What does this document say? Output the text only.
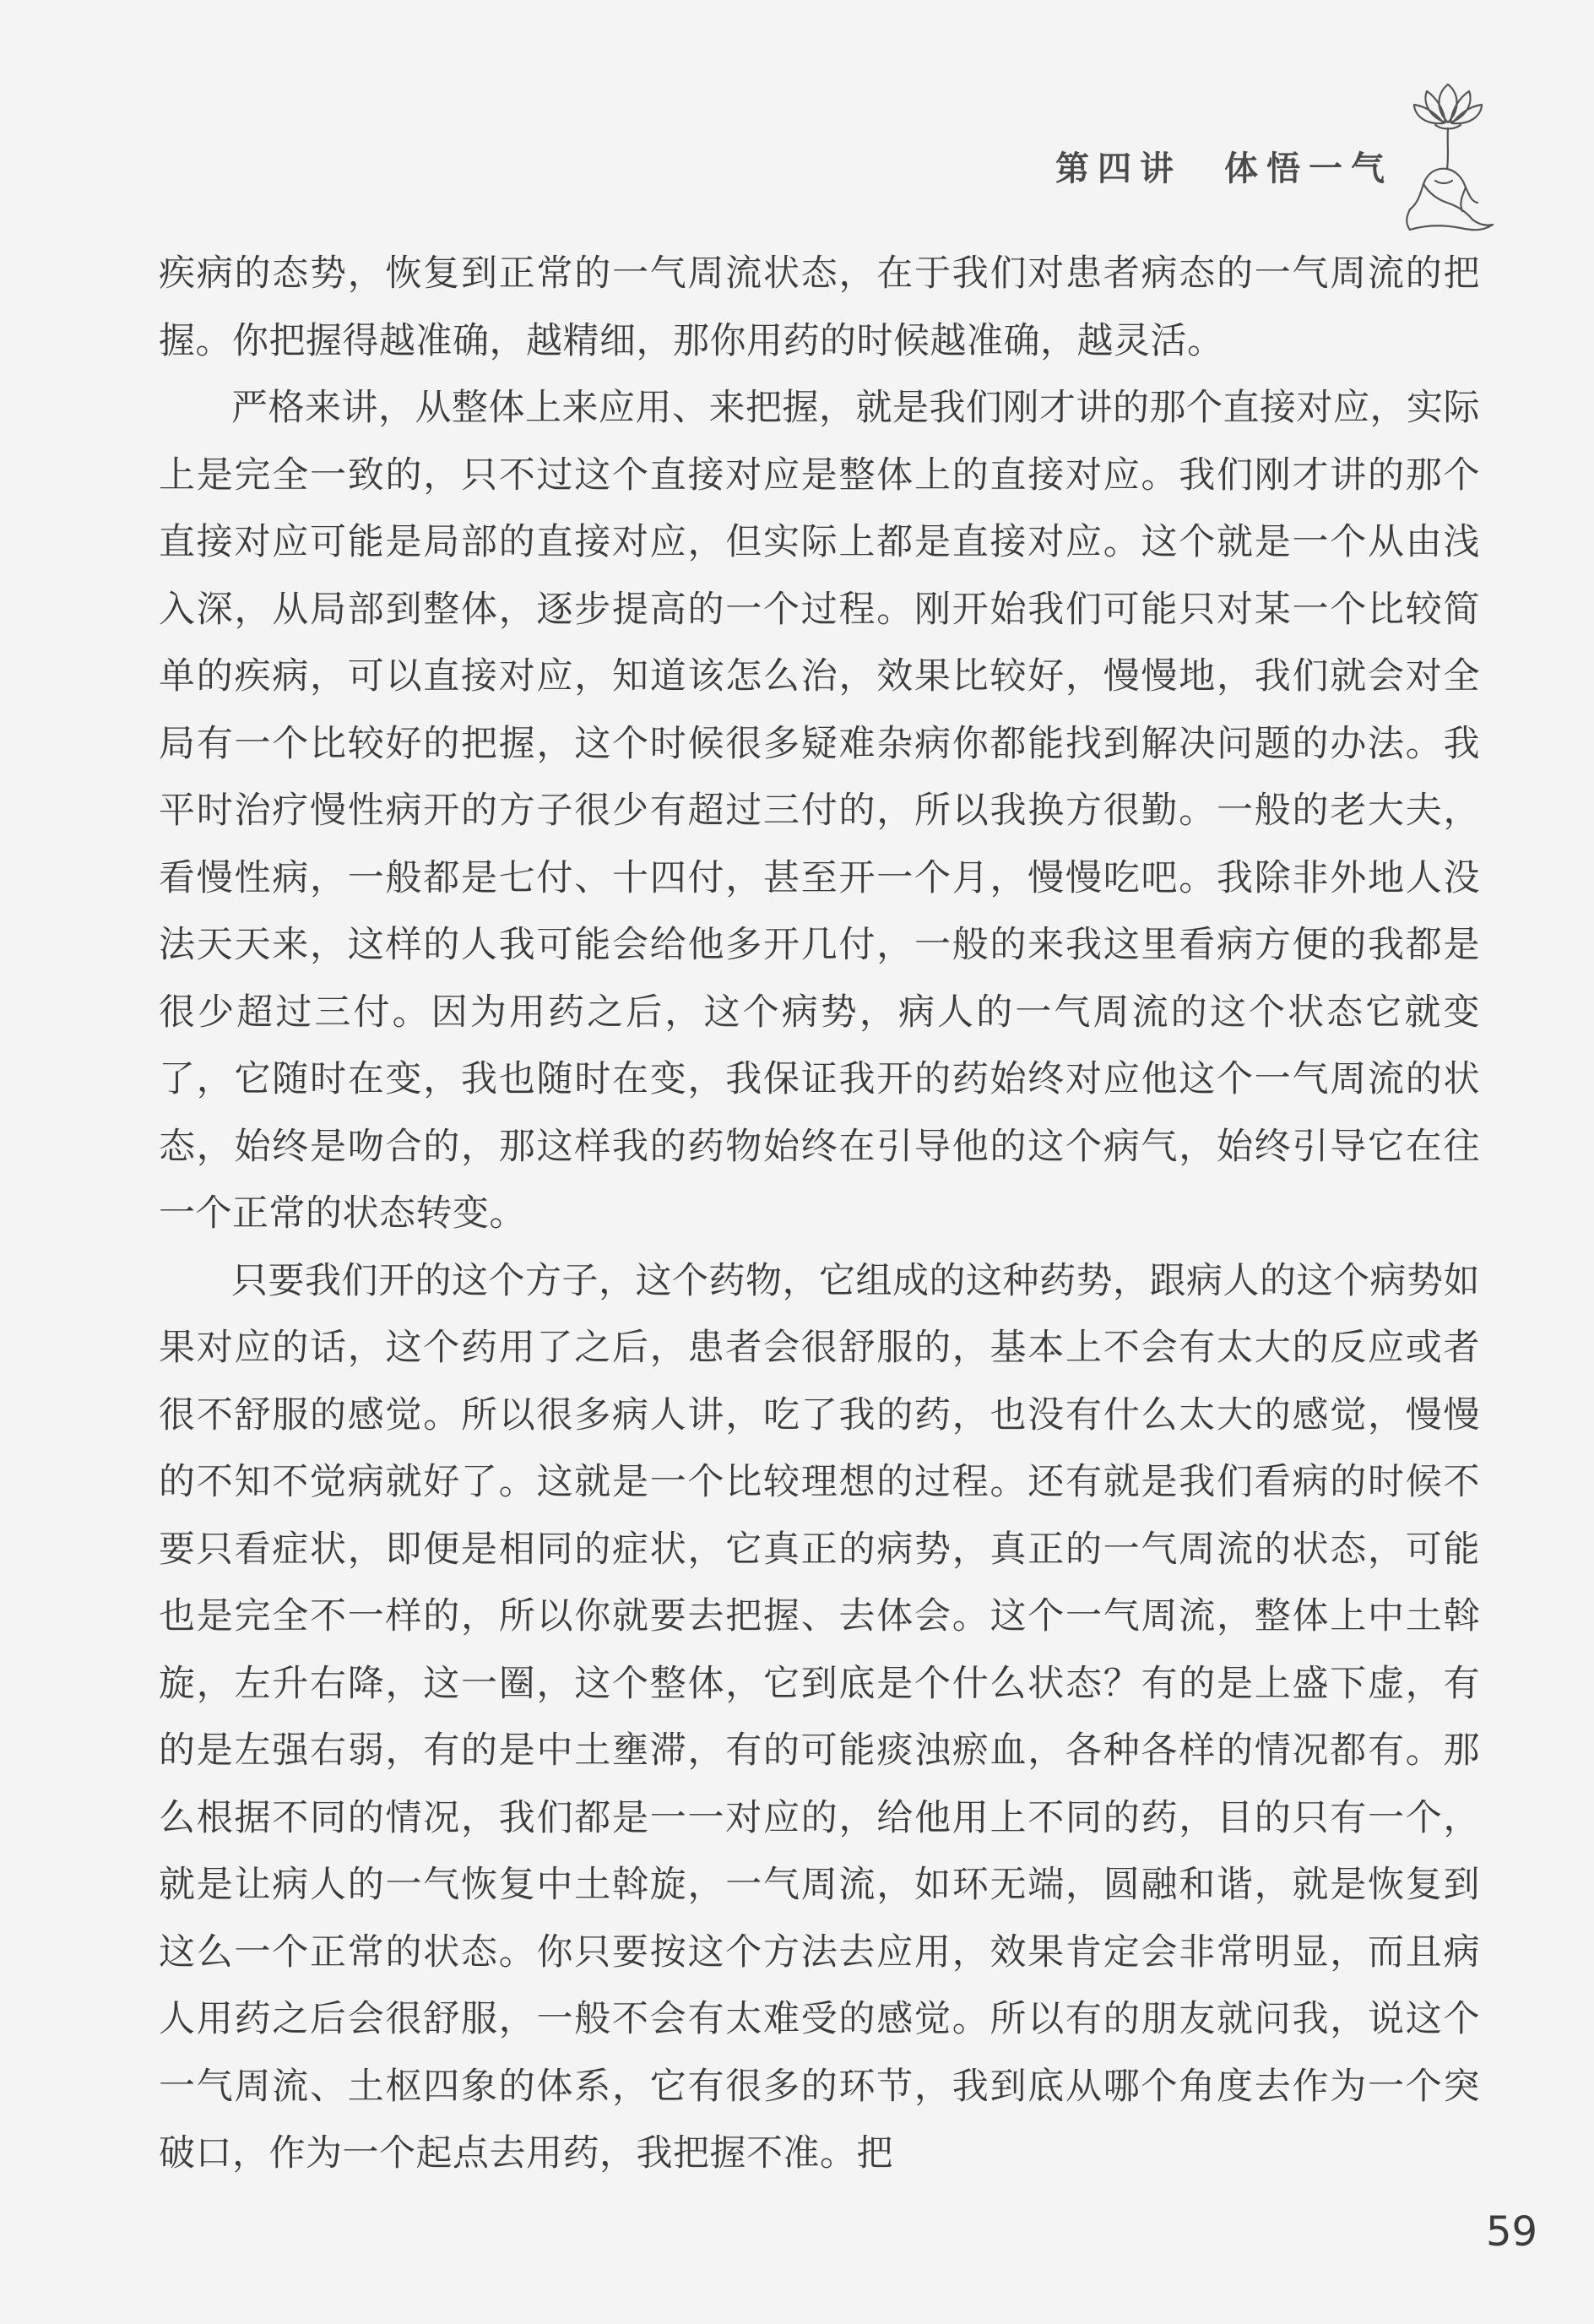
第四讲　体悟一气

疾病的态势，恢复到正常的一气周流状态，在于我们对患者病态的一气周流的把握。你把握得越准确，越精细，那你用药的时候越准确，越灵活。

严格来讲，从整体上来应用、来把握，就是我们刚才讲的那个直接对应，实际上是完全一致的，只不过这个直接对应是整体上的直接对应。我们刚才讲的那个直接对应可能是局部的直接对应，但实际上都是直接对应。这个就是一个从由浅入深，从局部到整体，逐步提高的一个过程。刚开始我们可能只对某一个比较简单的疾病，可以直接对应，知道该怎么治，效果比较好，慢慢地，我们就会对全局有一个比较好的把握，这个时候很多疑难杂病你都能找到解决问题的办法。我平时治疗慢性病开的方子很少有超过三付的，所以我换方很勤。一般的老大夫，看慢性病，一般都是七付、十四付，甚至开一个月，慢慢吃吧。我除非外地人没法天天来，这样的人我可能会给他多开几付，一般的来我这里看病方便的我都是很少超过三付。因为用药之后，这个病势，病人的一气周流的这个状态它就变了，它随时在变，我也随时在变，我保证我开的药始终对应他这个一气周流的状态，始终是吻合的，那这样我的药物始终在引导他的这个病气，始终引导它在往一个正常的状态转变。

只要我们开的这个方子，这个药物，它组成的这种药势，跟病人的这个病势如果对应的话，这个药用了之后，患者会很舒服的，基本上不会有太大的反应或者很不舒服的感觉。所以很多病人讲，吃了我的药，也没有什么太大的感觉，慢慢的不知不觉病就好了。这就是一个比较理想的过程。还有就是我们看病的时候不要只看症状，即便是相同的症状，它真正的病势，真正的一气周流的状态，可能也是完全不一样的，所以你就要去把握、去体会。这个一气周流，整体上中土斡旋，左升右降，这一圈，这个整体，它到底是个什么状态？有的是上盛下虚，有的是左强右弱，有的是中土壅滞，有的可能痰浊瘀血，各种各样的情况都有。那么根据不同的情况，我们都是一一对应的，给他用上不同的药，目的只有一个，就是让病人的一气恢复中土斡旋，一气周流，如环无端，圆融和谐，就是恢复到这么一个正常的状态。你只要按这个方法去应用，效果肯定会非常明显，而且病人用药之后会很舒服，一般不会有太难受的感觉。所以有的朋友就问我，说这个一气周流、土枢四象的体系，它有很多的环节，我到底从哪个角度去作为一个突破口，作为一个起点去用药，我把握不准。把

59
